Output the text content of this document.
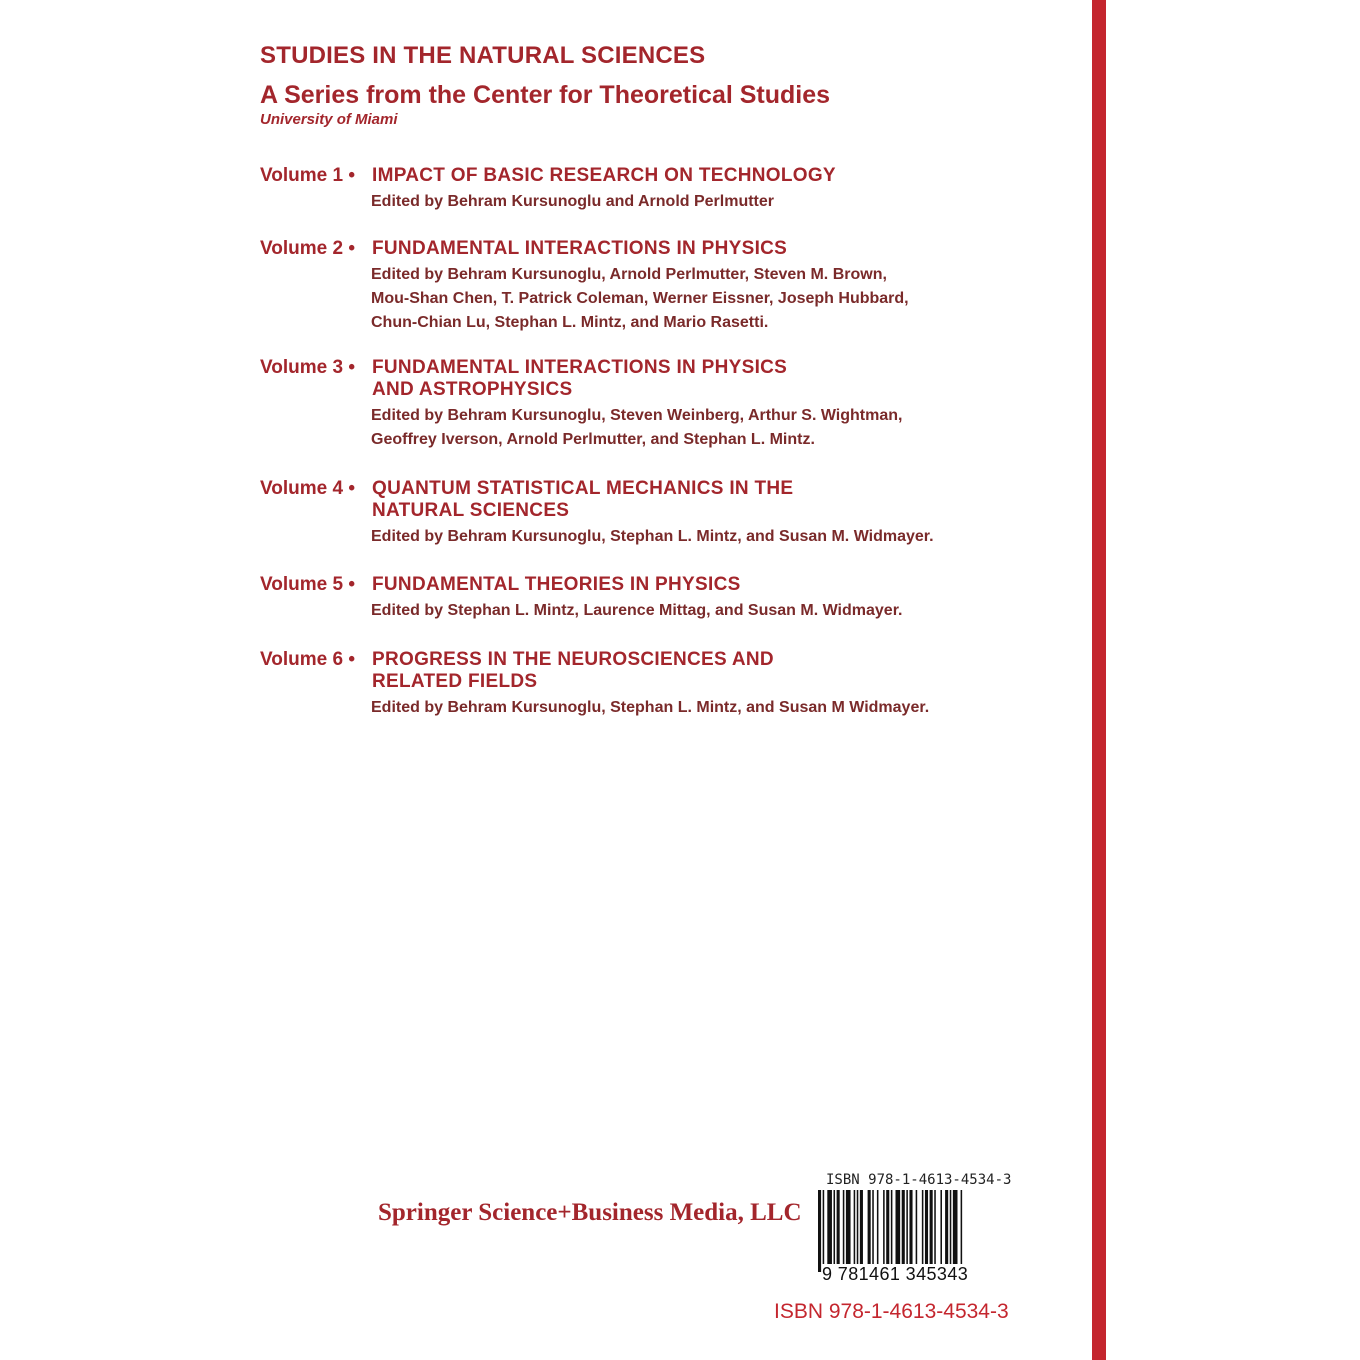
STUDIES IN THE NATURAL SCIENCES
A Series from the Center for Theoretical Studies
University of Miami
Volume 1 • IMPACT OF BASIC RESEARCH ON TECHNOLOGY
Edited by Behram Kursunoglu and Arnold Perlmutter
Volume 2 • FUNDAMENTAL INTERACTIONS IN PHYSICS
Edited by Behram Kursunoglu, Arnold Perlmutter, Steven M. Brown,
Mou-Shan Chen, T. Patrick Coleman, Werner Eissner, Joseph Hubbard,
Chun-Chian Lu, Stephan L. Mintz, and Mario Rasetti.
Volume 3 • FUNDAMENTAL INTERACTIONS IN PHYSICS
AND ASTROPHYSICS
Edited by Behram Kursunoglu, Steven Weinberg, Arthur S. Wightman,
Geoffrey Iverson, Arnold Perlmutter, and Stephan L. Mintz.
Volume 4 • QUANTUM STATISTICAL MECHANICS IN THE
NATURAL SCIENCES
Edited by Behram Kursunoglu, Stephan L. Mintz, and Susan M. Widmayer.
Volume 5 • FUNDAMENTAL THEORIES IN PHYSICS
Edited by Stephan L. Mintz, Laurence Mittag, and Susan M. Widmayer.
Volume 6 • PROGRESS IN THE NEUROSCIENCES AND
RELATED FIELDS
Edited by Behram Kursunoglu, Stephan L. Mintz, and Susan M Widmayer.
Springer Science+Business Media, LLC
ISBN 978-1-4613-4534-3
9 781461 345343
ISBN 978-1-4613-4534-3
